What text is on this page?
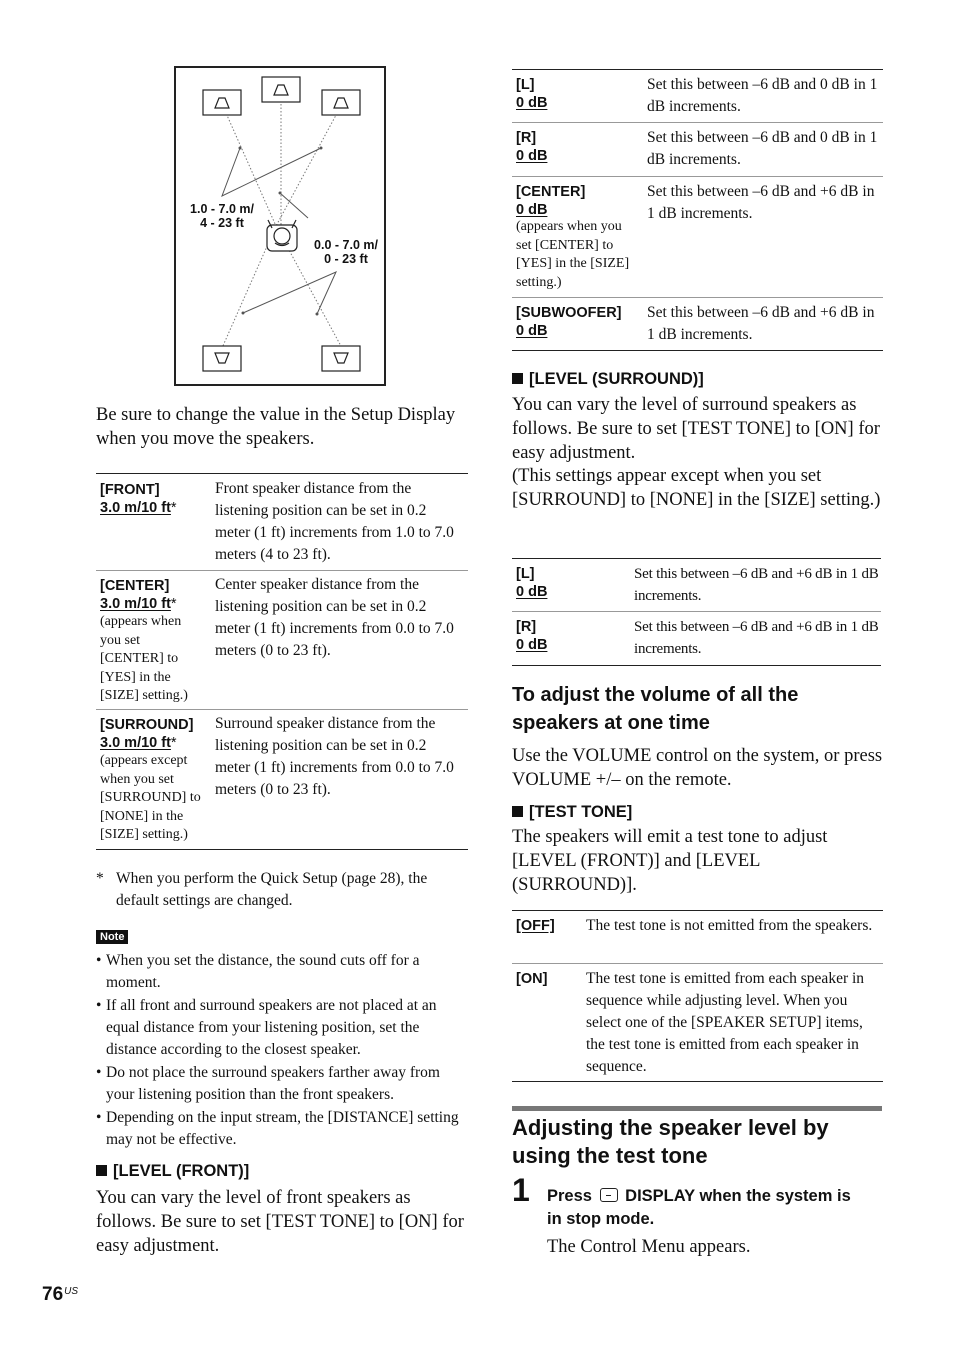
1.0 - 7.0 m/
4 - 23 ft
0.0 - 7.0 m/
0 - 23 ft
Be sure to change the value in the Setup Display when you move the speakers.
[FRONT]
3.0 m/10 ft*
Front speaker distance from the listening position can be set in 0.2 meter (1 ft) increments from 1.0 to 7.0 meters (4 to 23 ft).
[CENTER]
3.0 m/10 ft*
(appears when you set [CENTER] to [YES] in the [SIZE] setting.)
Center speaker distance from the listening position can be set in 0.2 meter (1 ft) increments from 0.0 to 7.0 meters (0 to 23 ft).
[SURROUND]
3.0 m/10 ft*
(appears except when you set [SURROUND] to [NONE] in the [SIZE] setting.)
Surround speaker distance from the listening position can be set in 0.2 meter (1 ft) increments from 0.0 to 7.0 meters (0 to 23 ft).
* When you perform the Quick Setup (page 28), the default settings are changed.
Note
• When you set the distance, the sound cuts off for a moment.
• If all front and surround speakers are not placed at an equal distance from your listening position, set the distance according to the closest speaker.
• Do not place the surround speakers farther away from your listening position than the front speakers.
• Depending on the input stream, the [DISTANCE] setting may not be effective.
[LEVEL (FRONT)]
You can vary the level of front speakers as follows. Be sure to set [TEST TONE] to [ON] for easy adjustment.
[L]
0 dB
Set this between –6 dB and 0 dB in 1 dB increments.
[R]
0 dB
Set this between –6 dB and 0 dB in 1 dB increments.
[CENTER]
0 dB
(appears when you set [CENTER] to [YES] in the [SIZE] setting.)
Set this between –6 dB and +6 dB in 1 dB increments.
[SUBWOOFER]
0 dB
Set this between –6 dB and +6 dB in 1 dB increments.
[LEVEL (SURROUND)]
You can vary the level of surround speakers as follows. Be sure to set [TEST TONE] to [ON] for easy adjustment.
(This settings appear except when you set [SURROUND] to [NONE] in the [SIZE] setting.)
[L]
0 dB
Set this between –6 dB and +6 dB in 1 dB increments.
[R]
0 dB
Set this between –6 dB and +6 dB in 1 dB increments.
To adjust the volume of all the
speakers at one time
Use the VOLUME control on the system, or press VOLUME +/– on the remote.
[TEST TONE]
The speakers will emit a test tone to adjust [LEVEL (FRONT)] and [LEVEL (SURROUND)].
[OFF] The test tone is not emitted from the speakers.
[ON] The test tone is emitted from each speaker in sequence while adjusting level. When you select one of the [SPEAKER SETUP] items, the test tone is emitted from each speaker in sequence.
Adjusting the speaker level by
using the test tone
1 Press DISPLAY when the system is
in stop mode.
The Control Menu appears.
$76^{US}$
